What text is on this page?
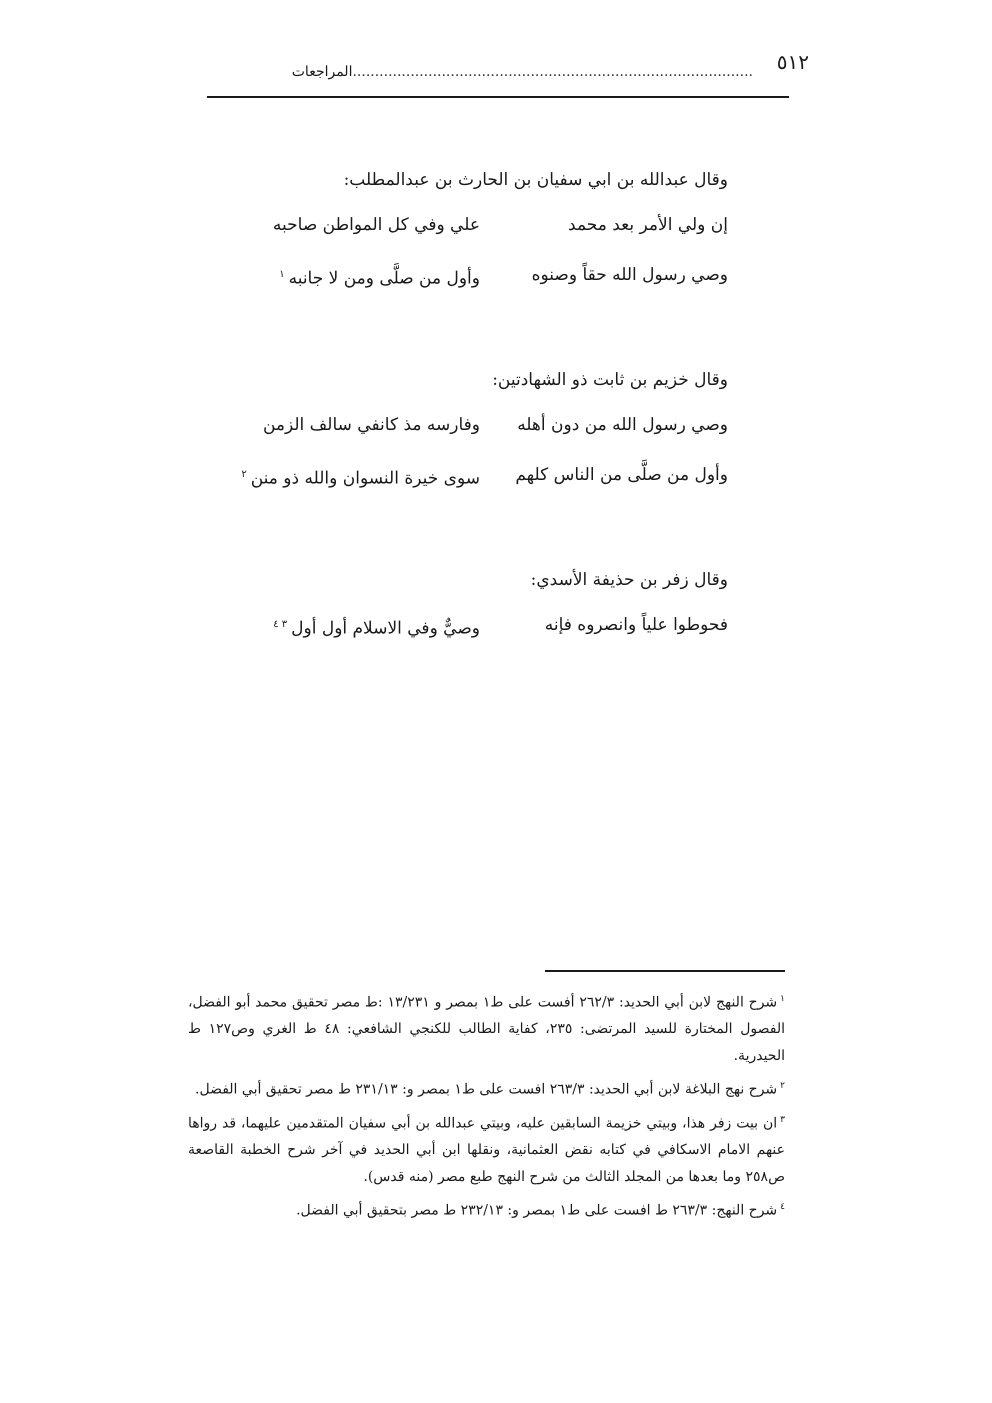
٥١٢
..........................................................................................المراجعات

وقال عبدالله بن ابي سفيان بن الحارث بن عبدالمطلب:

إن ولي الأمر بعد محمد
علي وفي كل المواطن صاحبه
وصي رسول الله حقاً وصنوه
وأول من صلَّى ومن لا جانبه$^١$

وقال خزيم بن ثابت ذو الشهادتين:

وصي رسول الله من دون أهله
وفارسه مذ كانفي سالف الزمن
وأول من صلَّى من الناس كلهم
سوى خيرة النسوان والله ذو منن$^٢$

وقال زفر بن حذيفة الأسدي:

فحوطوا علياً وانصروه فإنه
وصيٌّ وفي الاسلام أول أول$^{٣ ٤}$

$^١$شرح النهج لابن أبي الحديد: ٢٦٢/٣ أفست على ط١ بمصر و ١٣/٢٣١ :ط مصر تحقيق محمد أبو الفضل، الفصول المختارة للسيد المرتضى: ٢٣٥، كفاية الطالب للكنجي الشافعي: ٤٨ ط الغري وص١٢٧ ط الحيدرية.

$^٢$شرح نهج البلاغة لابن أبي الحديد: ٢٦٣/٣ افست على ط١ بمصر و: ٢٣١/١٣ ط مصر تحقيق أبي الفضل.

$^٣$ان بيت زفر هذا، وبيتي خزيمة السابقين عليه، وبيتي عبدالله بن أبي سفيان المتقدمين عليهما، قد رواها عنهم الامام الاسكافي في كتابه نقض العثمانية، ونقلها ابن أبي الحديد في آخر شرح الخطبة القاصعة ص٢٥٨ وما بعدها من المجلد الثالث من شرح النهج طبع مصر (منه قدس).

$^٤$شرح النهج: ٢٦٣/٣ ط افست على ط١ بمصر و: ٢٣٢/١٣ ط مصر بتحقيق أبي الفضل.
